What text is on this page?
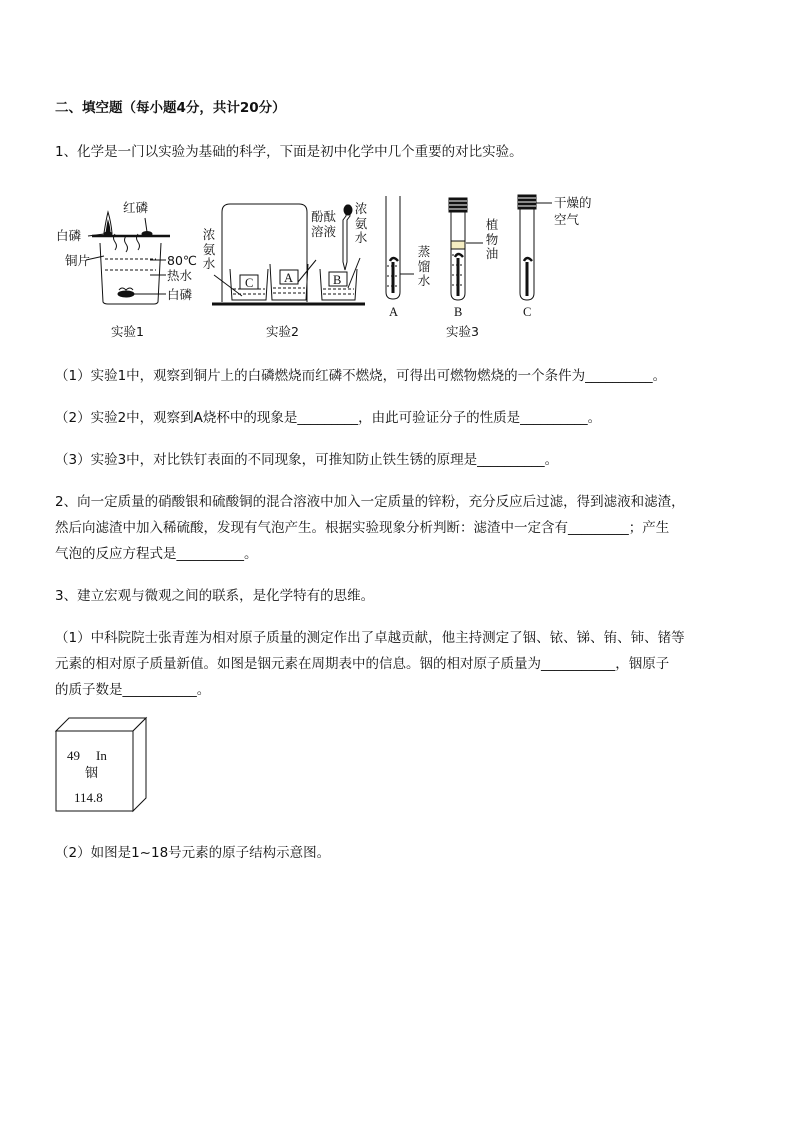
二、填空题（每小题4分，共计20分）
1、化学是一门以实验为基础的科学，下面是初中化学中几个重要的对比实验。
红磷
白磷
铜片	80℃
热水
白磷
实验1
浓氨水
酚酞
溶液
浓氨水
C A	B
实验2
蒸馏水
植物油
干燥的
空气
A	B	C
实验3
（1）实验1中，观察到铜片上的白磷燃烧而红磷不燃烧，可得出可燃物燃烧的一个条件为__________。
（2）实验2中，观察到A烧杯中的现象是_________，由此可验证分子的性质是__________。
（3）实验3中，对比铁钉表面的不同现象，可推知防止铁生锈的原理是__________。
2、向一定质量的硝酸银和硫酸铜的混合溶液中加入一定质量的锌粉，充分反应后过滤，得到滤液和滤渣，
然后向滤渣中加入稀硫酸，发现有气泡产生。根据实验现象分析判断：滤渣中一定含有_________；产生
气泡的反应方程式是__________。
3、建立宏观与微观之间的联系，是化学特有的思维。
（1）中科院院士张青莲为相对原子质量的测定作出了卓越贡献，他主持测定了铟、铱、锑、铕、铈、锗等
元素的相对原子质量新值。如图是铟元素在周期表中的信息。铟的相对原子质量为___________，铟原子
的质子数是___________。
49 In
铟
114.8
（2）如图是1~18号元素的原子结构示意图。
